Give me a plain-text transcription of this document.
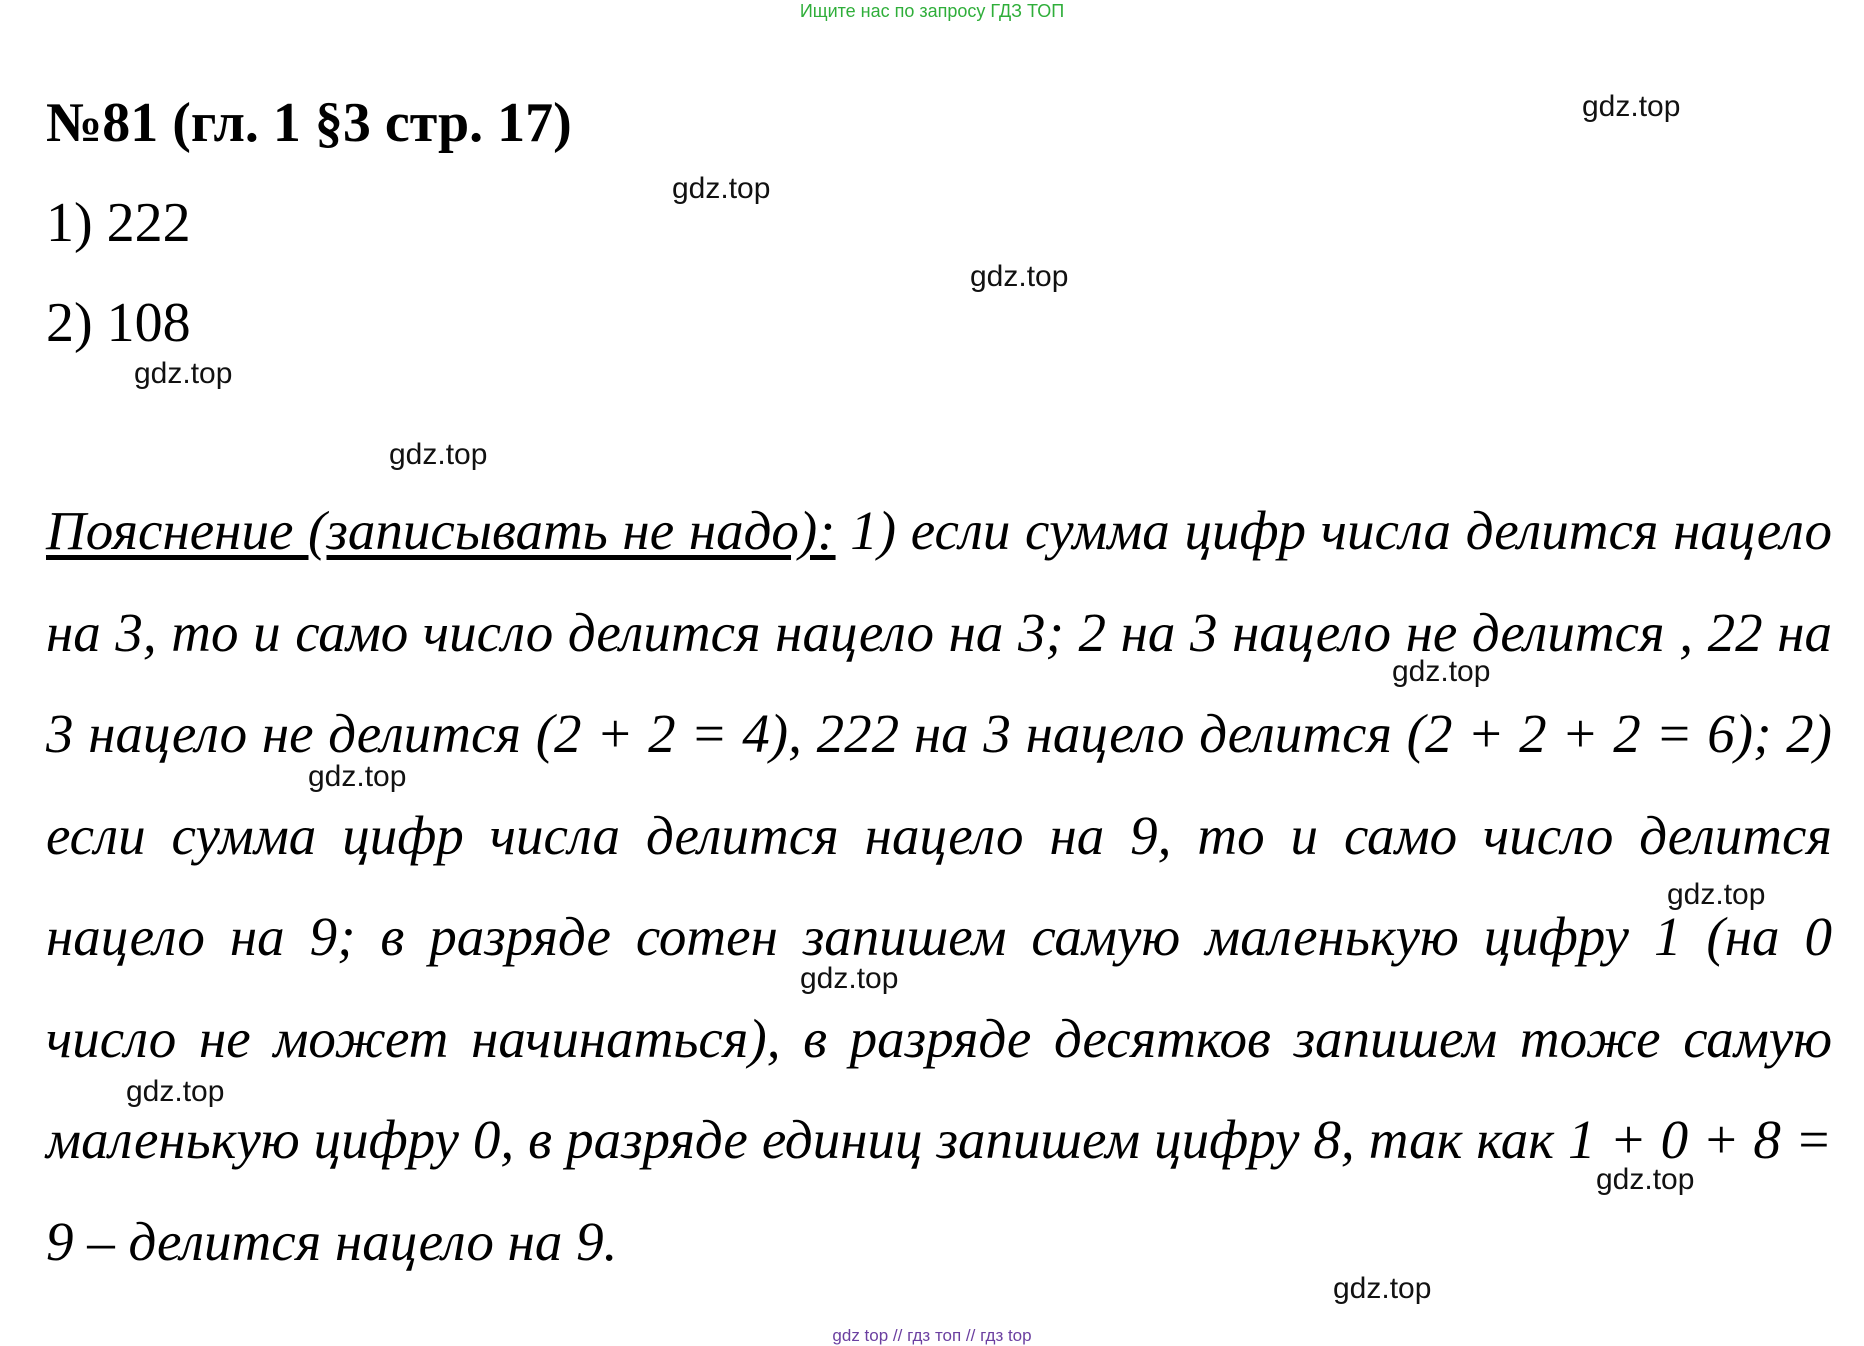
Ищите нас по запросу ГДЗ ТОП
№81 (гл. 1 §3 стр. 17)
1) 222
2) 108
Пояснение (записывать не надо): 1) если сумма цифр числа делится нацело на 3, то и само число делится нацело на 3; 2 на 3 нацело не делится , 22 на 3 нацело не делится (2 + 2 = 4), 222 на 3 нацело делится (2 + 2 + 2 = 6); 2) если сумма цифр числа делится нацело на 9, то и само число делится нацело на 9; в разряде сотен запишем самую маленькую цифру 1 (на 0 число не может начинаться), в разряде десятков запишем тоже самую маленькую цифру 0, в разряде единиц запишем цифру 8, так как 1 + 0 + 8 = 9 – делится нацело на 9.
gdz.top
gdz.top
gdz.top
gdz.top
gdz.top
gdz.top
gdz.top
gdz.top
gdz.top
gdz.top
gdz.top
gdz.top
gdz top // гдз топ // гдз top
